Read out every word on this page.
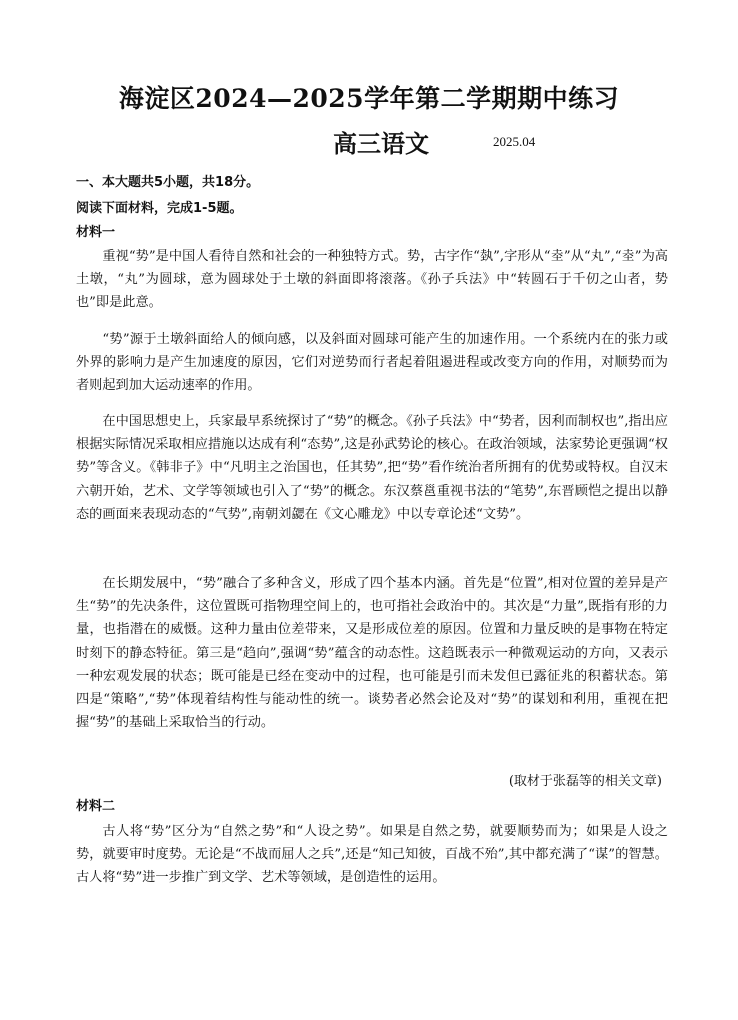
海淀区2024—2025学年第二学期期中练习
高三语文	2025.04
一、本大题共5小题，共18分。
阅读下面材料，完成1-5题。
材料一
重视“势”是中国人看待自然和社会的一种独特方式。势，古字作“埶”,字形从“坴”从“丸”,“坴”为高土墩，“丸”为圆球，意为圆球处于土墩的斜面即将滚落。《孙子兵法》中“转圆石于千仞之山者，势也”即是此意。
“势”源于土墩斜面给人的倾向感，以及斜面对圆球可能产生的加速作用。一个系统内在的张力或外界的影响力是产生加速度的原因，它们对逆势而行者起着阻遏进程或改变方向的作用，对顺势而为者则起到加大运动速率的作用。
在中国思想史上，兵家最早系统探讨了“势”的概念。《孙子兵法》中“势者，因利而制权也”,指出应根据实际情况采取相应措施以达成有利“态势”,这是孙武势论的核心。在政治领域，法家势论更强调“权势”等含义。《韩非子》中“凡明主之治国也，任其势”,把“势”看作统治者所拥有的优势或特权。自汉末六朝开始，艺术、文学等领域也引入了“势”的概念。东汉蔡邕重视书法的“笔势”,东晋顾恺之提出以静态的画面来表现动态的“气势”,南朝刘勰在《文心雕龙》中以专章论述“文势”。
在长期发展中，“势”融合了多种含义，形成了四个基本内涵。首先是“位置”,相对位置的差异是产生“势”的先决条件，这位置既可指物理空间上的，也可指社会政治中的。其次是“力量”,既指有形的力量，也指潜在的威慑。这种力量由位差带来，又是形成位差的原因。位置和力量反映的是事物在特定时刻下的静态特征。第三是“趋向”,强调“势”蕴含的动态性。这趋既表示一种微观运动的方向，又表示一种宏观发展的状态；既可能是已经在变动中的过程，也可能是引而未发但已露征兆的积蓄状态。第四是“策略”,“势”体现着结构性与能动性的统一。谈势者必然会论及对“势”的谋划和利用，重视在把握“势”的基础上采取恰当的行动。
(取材于张磊等的相关文章)
材料二
古人将“势”区分为“自然之势”和“人设之势”。如果是自然之势，就要顺势而为；如果是人设之势，就要审时度势。无论是“不战而屈人之兵”,还是“知己知彼，百战不殆”,其中都充满了“谋”的智慧。古人将“势”进一步推广到文学、艺术等领域，是创造性的运用。
